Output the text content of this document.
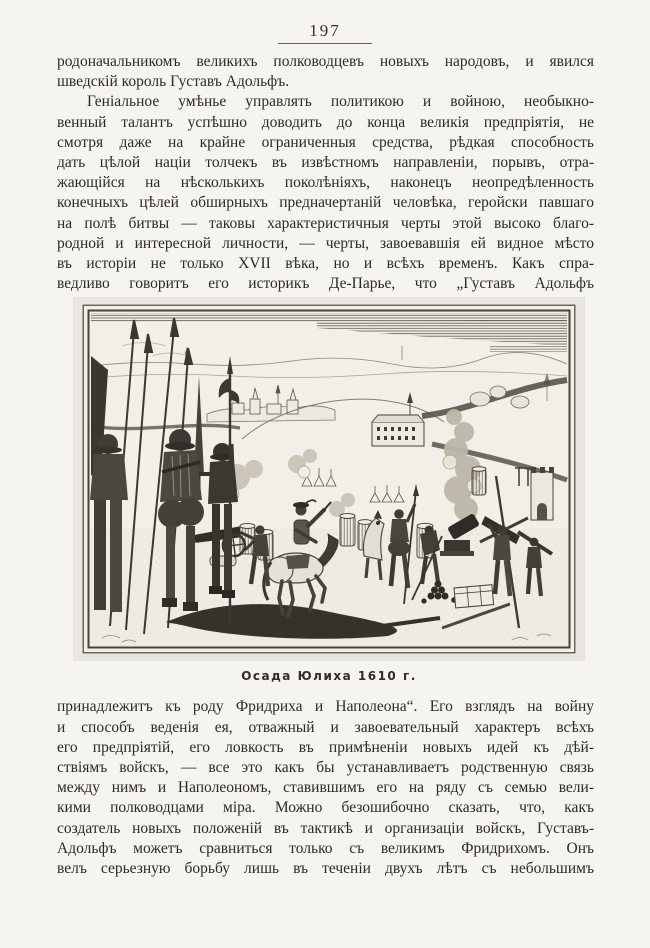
197
родоначальникомъ великихъ полководцевъ новыхъ народовъ, и явился
шведскій король Густавъ Адольфъ.
Геніальное умѣнье управлять политикою и войною, необыкно-
венный талантъ успѣшно доводить до конца великія предпріятія, не
смотря даже на крайне ограниченныя средства, рѣдкая способность
дать цѣлой націи толчекъ въ извѣстномъ направленіи, порывъ, отра-
жающійся на нѣсколькихъ поколѣніяхъ, наконецъ неопредѣленность
конечныхъ цѣлей обширныхъ предначертаній человѣка, геройски павшаго
на полѣ битвы — таковы характеристичныя черты этой высоко благо-
родной и интересной личности, — черты, завоевавшія ей видное мѣсто
въ исторіи не только XVII вѣка, но и всѣхъ временъ. Какъ спра-
ведливо говоритъ его историкъ Де-Парье, что „Густавъ Адольфъ
Осада Юлиха 1610 г.
принадлежитъ къ роду Фридриха и Наполеона“. Его взглядъ на войну
и способъ веденія ея, отважный и завоевательный характеръ всѣхъ
его предпріятій, его ловкость въ примѣненіи новыхъ идей къ дѣй-
ствіямъ войскъ, — все это какъ бы устанавливаетъ родственную связь
между нимъ и Наполеономъ, ставившимъ его на ряду съ семью вели-
кими полководцами міра. Можно безошибочно сказать, что, какъ
создатель новыхъ положеній въ тактикѣ и организаціи войскъ, Густавъ-
Адольфъ можетъ сравниться только съ великимъ Фридрихомъ. Онъ
велъ серьезную борьбу лишь въ теченіи двухъ лѣтъ съ небольшимъ
